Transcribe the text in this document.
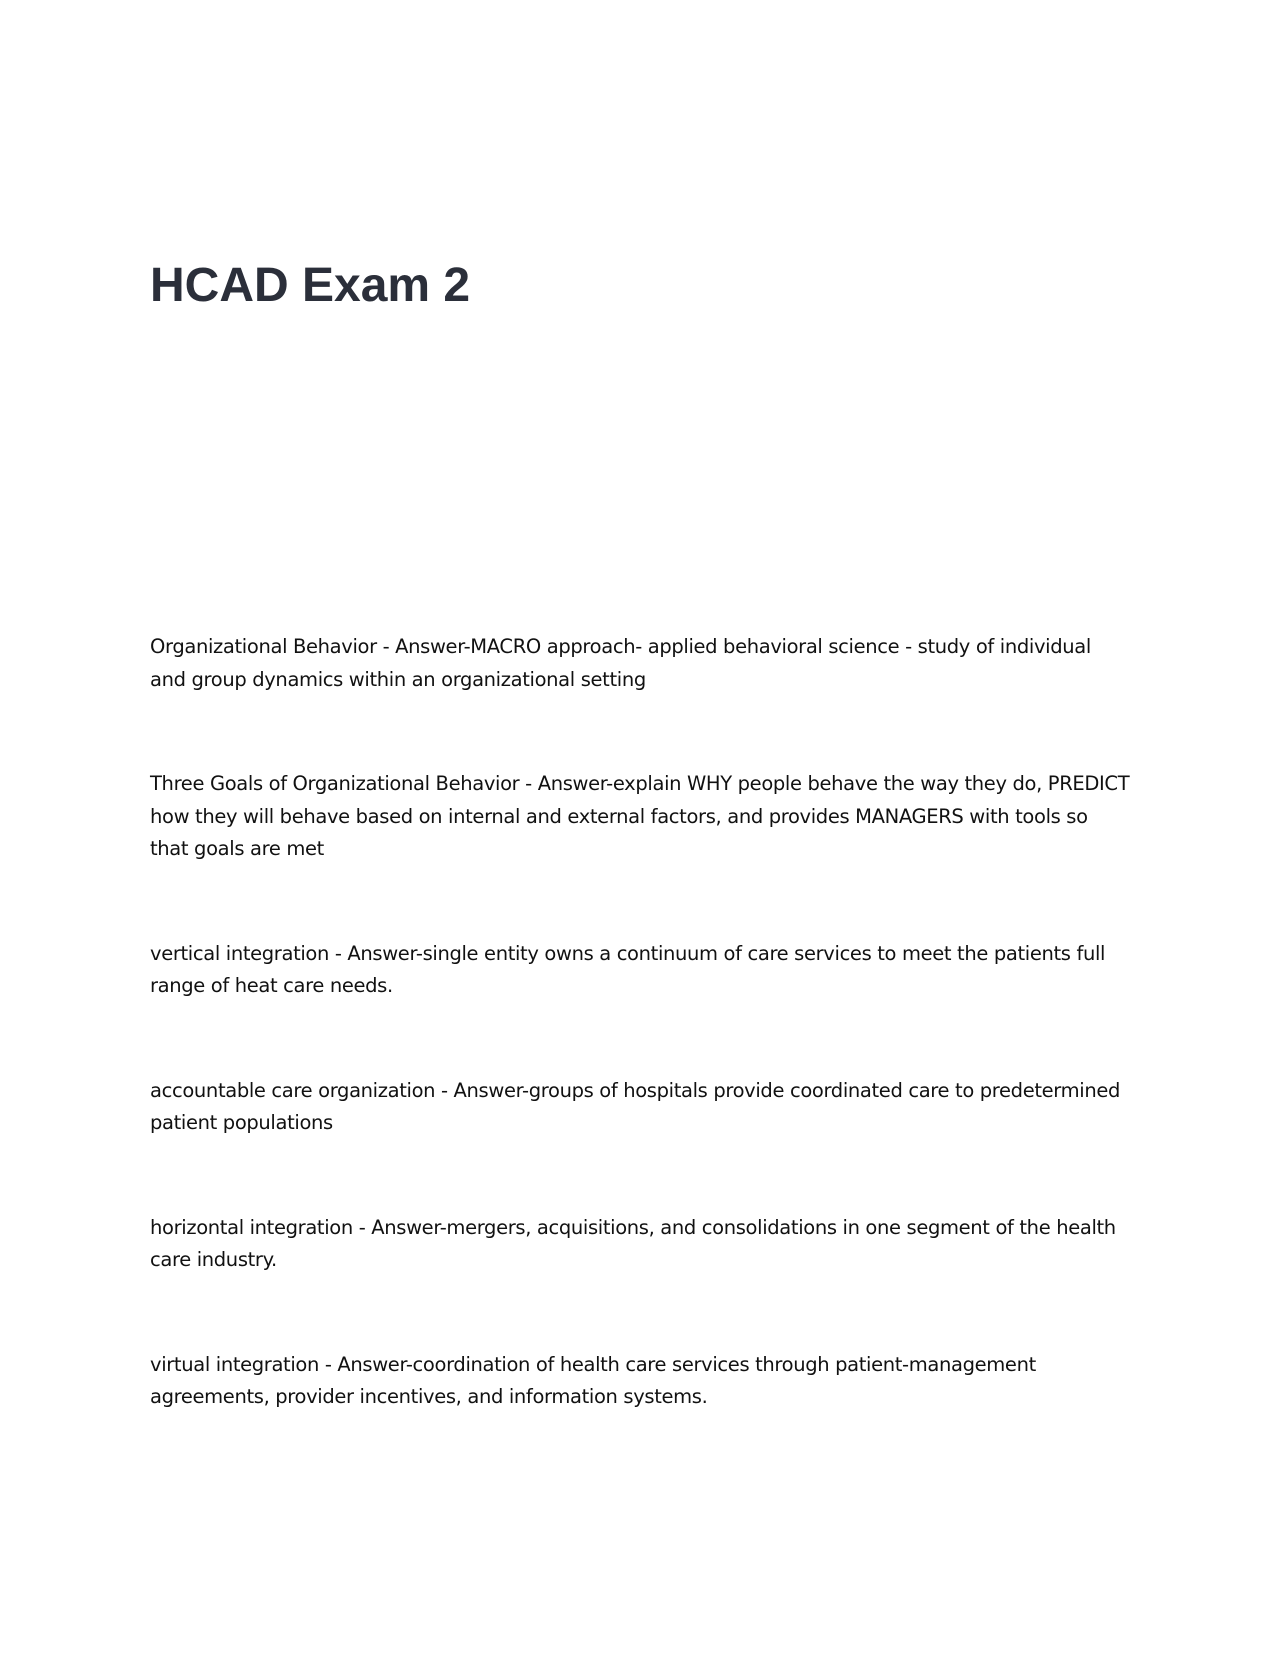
HCAD Exam 2
Organizational Behavior - Answer-MACRO approach- applied behavioral science - study of individual and group dynamics within an organizational setting
Three Goals of Organizational Behavior - Answer-explain WHY people behave the way they do, PREDICT how they will behave based on internal and external factors, and provides MANAGERS with tools so that goals are met
vertical integration - Answer-single entity owns a continuum of care services to meet the patients full range of heat care needs.
accountable care organization - Answer-groups of hospitals provide coordinated care to predetermined patient populations
horizontal integration - Answer-mergers, acquisitions, and consolidations in one segment of the health care industry.
virtual integration - Answer-coordination of health care services through patient-management agreements, provider incentives, and information systems.
